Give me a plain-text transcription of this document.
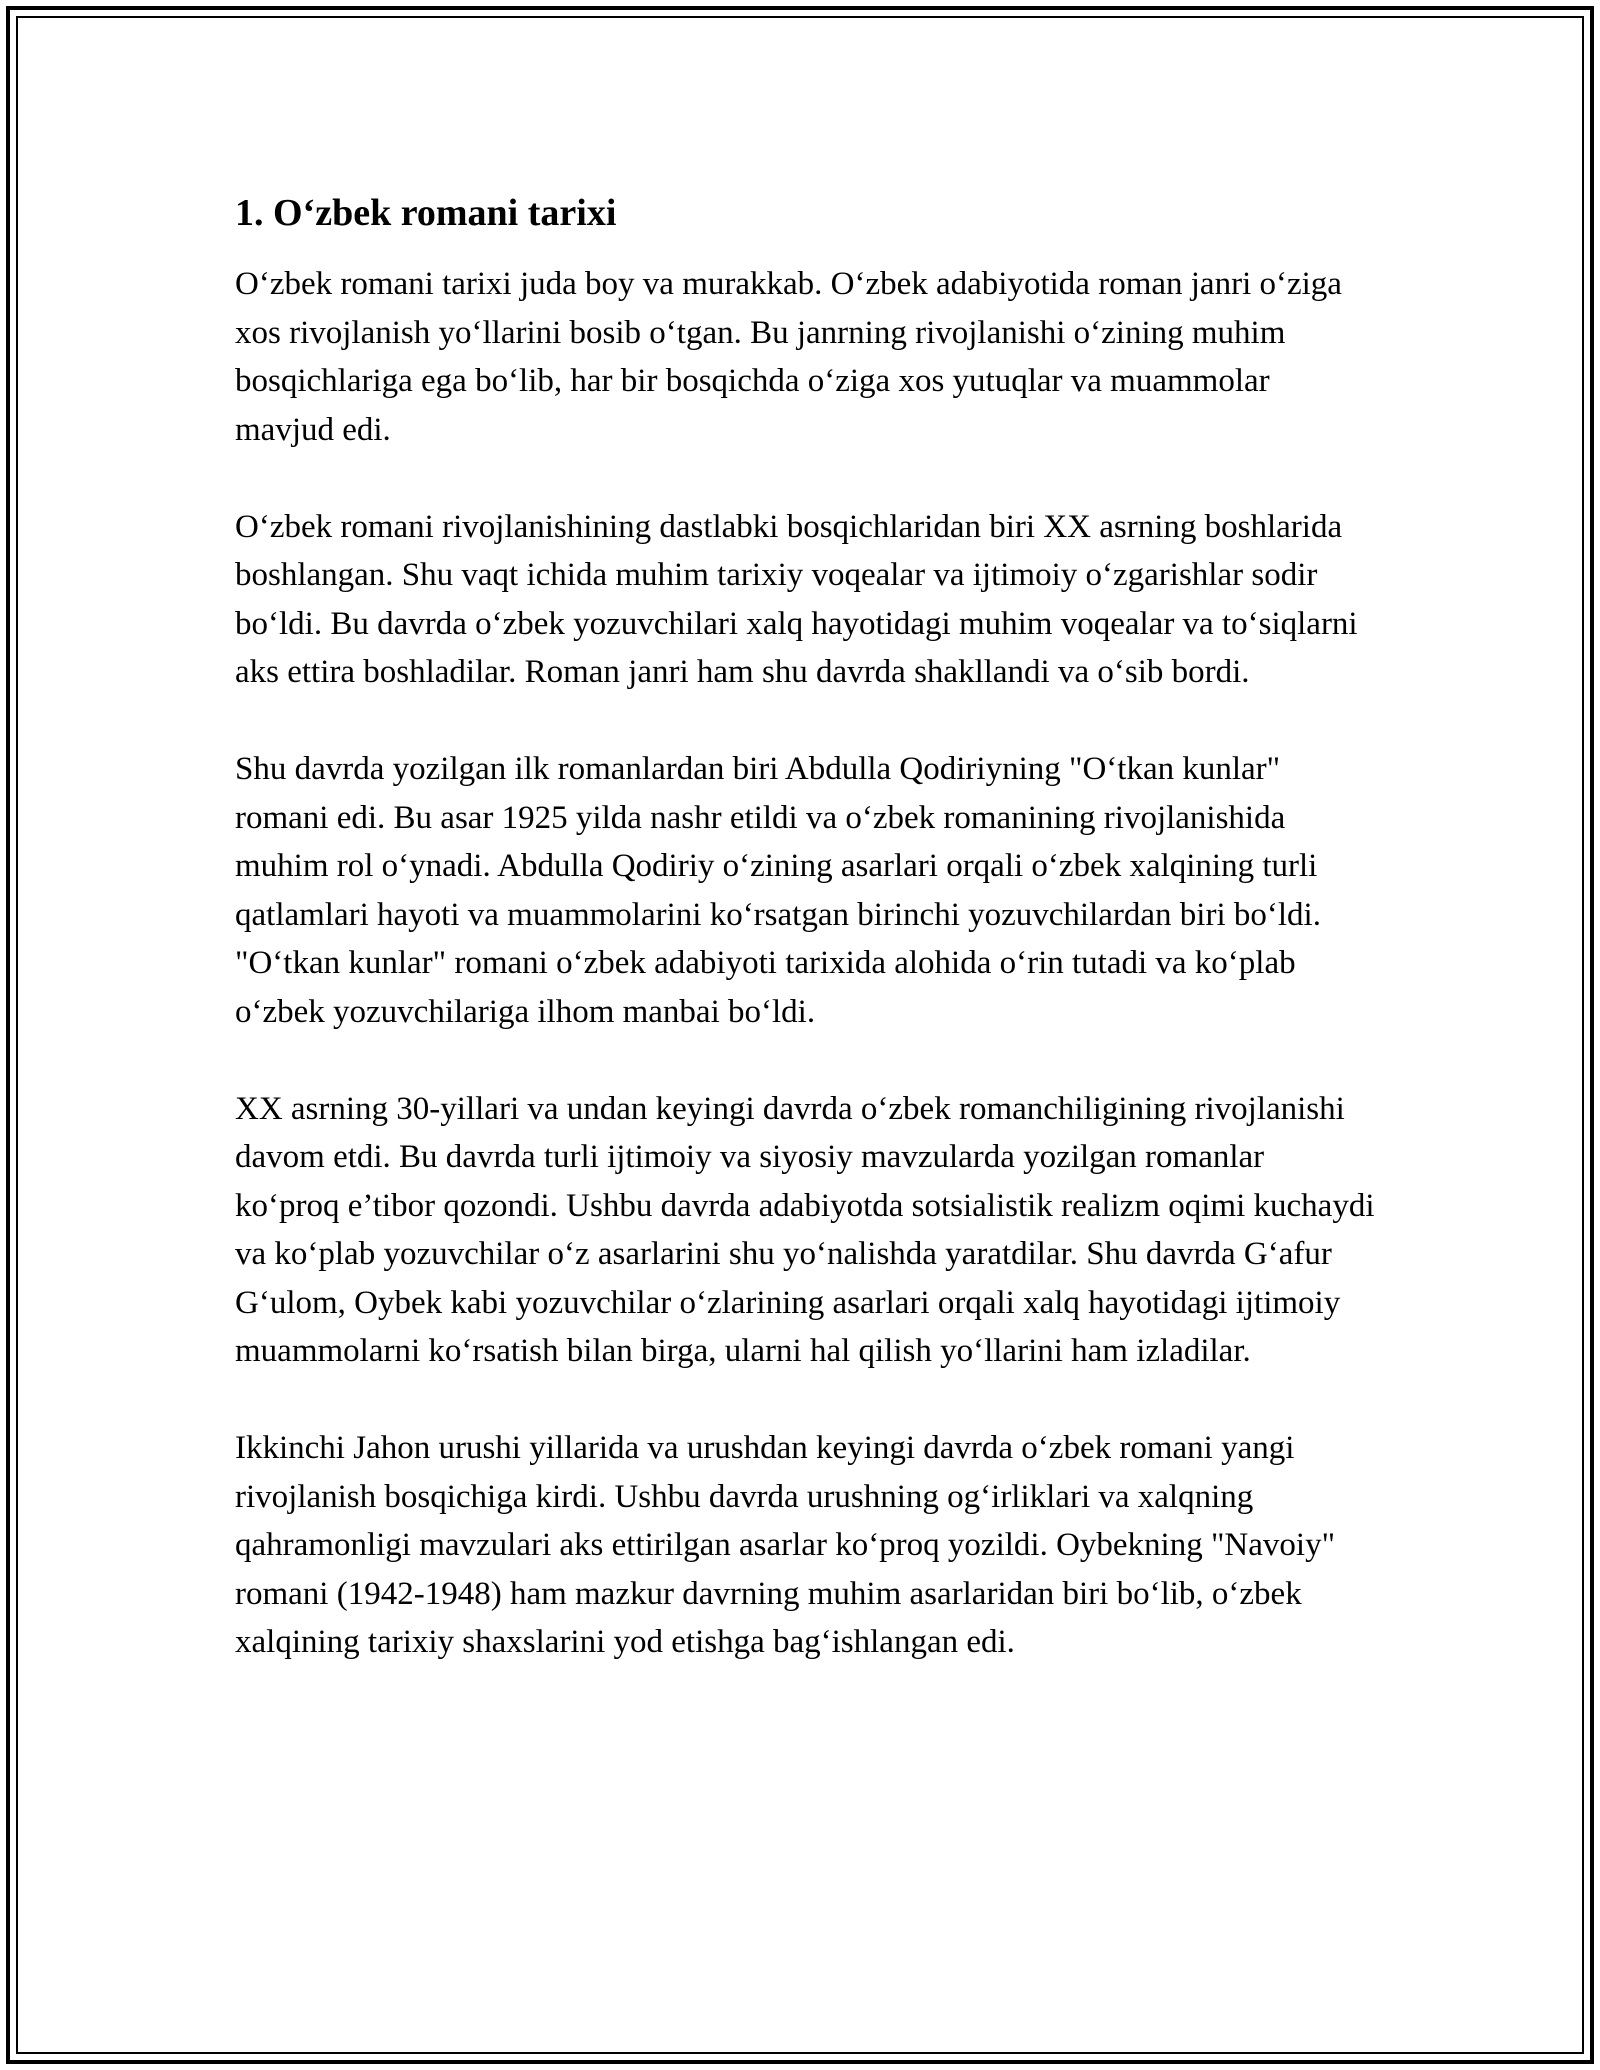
1. O‘zbek romani tarixi

O‘zbek romani tarixi juda boy va murakkab. O‘zbek adabiyotida roman janri o‘ziga xos rivojlanish yo‘llarini bosib o‘tgan. Bu janrning rivojlanishi o‘zining muhim bosqichlariga ega bo‘lib, har bir bosqichda o‘ziga xos yutuqlar va muammolar mavjud edi.

O‘zbek romani rivojlanishining dastlabki bosqichlaridan biri XX asrning boshlarida boshlangan. Shu vaqt ichida muhim tarixiy voqealar va ijtimoiy o‘zgarishlar sodir bo‘ldi. Bu davrda o‘zbek yozuvchilari xalq hayotidagi muhim voqealar va to‘siqlarni aks ettira boshladilar. Roman janri ham shu davrda shakllandi va o‘sib bordi.

Shu davrda yozilgan ilk romanlardan biri Abdulla Qodiriyning "O‘tkan kunlar" romani edi. Bu asar 1925 yilda nashr etildi va o‘zbek romanining rivojlanishida muhim rol o‘ynadi. Abdulla Qodiriy o‘zining asarlari orqali o‘zbek xalqining turli qatlamlari hayoti va muammolarini ko‘rsatgan birinchi yozuvchilardan biri bo‘ldi. "O‘tkan kunlar" romani o‘zbek adabiyoti tarixida alohida o‘rin tutadi va ko‘plab o‘zbek yozuvchilariga ilhom manbai bo‘ldi.

XX asrning 30-yillari va undan keyingi davrda o‘zbek romanchiligining rivojlanishi davom etdi. Bu davrda turli ijtimoiy va siyosiy mavzularda yozilgan romanlar ko‘proq e’tibor qozondi. Ushbu davrda adabiyotda sotsialistik realizm oqimi kuchaydi va ko‘plab yozuvchilar o‘z asarlarini shu yo‘nalishda yaratdilar. Shu davrda G‘afur G‘ulom, Oybek kabi yozuvchilar o‘zlarining asarlari orqali xalq hayotidagi ijtimoiy muammolarni ko‘rsatish bilan birga, ularni hal qilish yo‘llarini ham izladilar.

Ikkinchi Jahon urushi yillarida va urushdan keyingi davrda o‘zbek romani yangi rivojlanish bosqichiga kirdi. Ushbu davrda urushning og‘irliklari va xalqning qahramonligi mavzulari aks ettirilgan asarlar ko‘proq yozildi. Oybekning "Navoiy" romani (1942-1948) ham mazkur davrning muhim asarlaridan biri bo‘lib, o‘zbek xalqining tarixiy shaxslarini yod etishga bag‘ishlangan edi.
